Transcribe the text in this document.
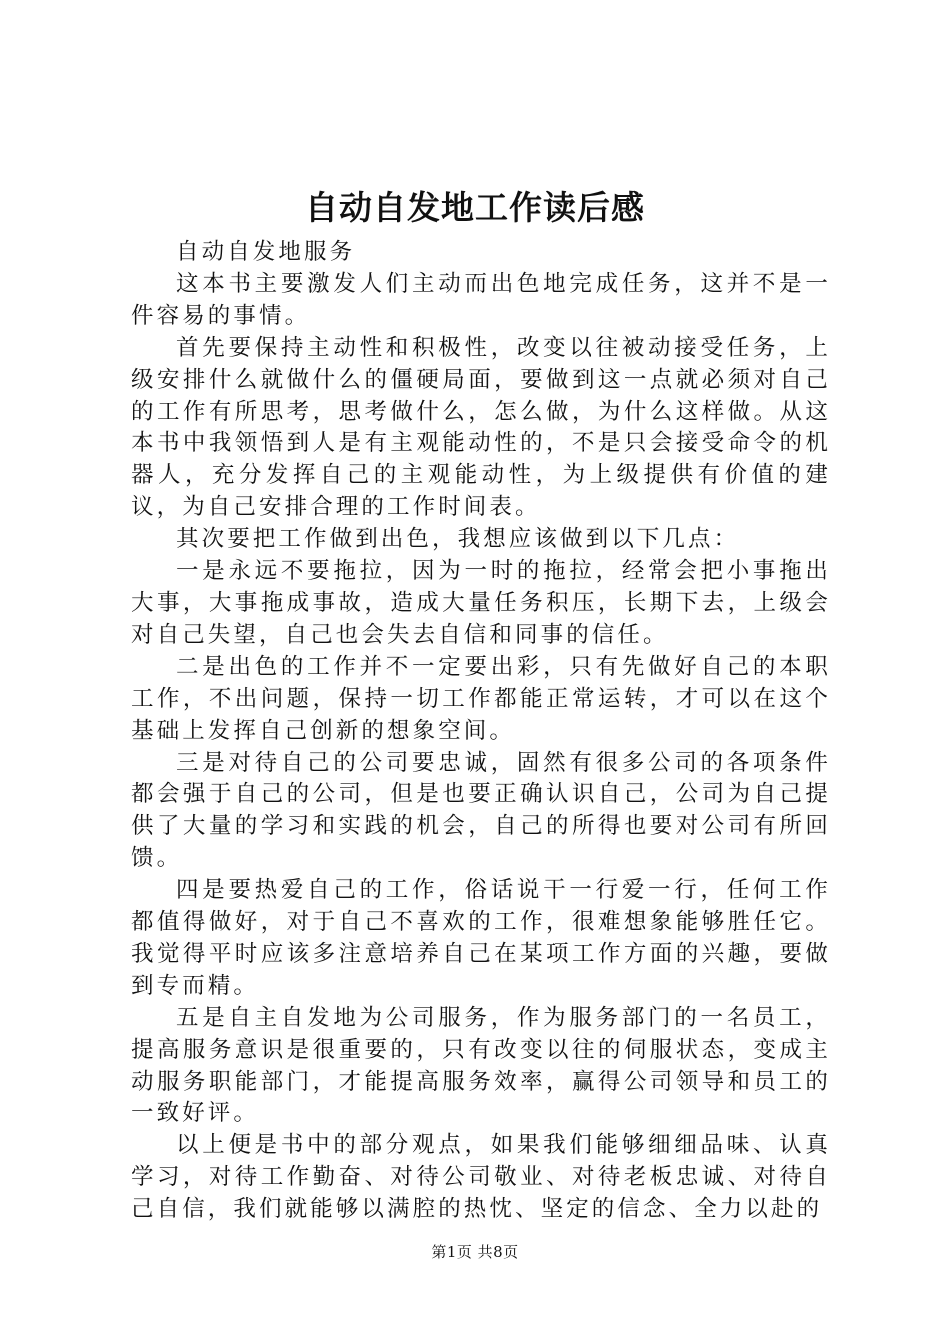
自动自发地工作读后感

自动自发地服务

这本书主要激发人们主动而出色地完成任务，这并不是一件容易的事情。

首先要保持主动性和积极性，改变以往被动接受任务，上级安排什么就做什么的僵硬局面，要做到这一点就必须对自己的工作有所思考，思考做什么，怎么做，为什么这样做。从这本书中我领悟到人是有主观能动性的，不是只会接受命令的机器人，充分发挥自己的主观能动性，为上级提供有价值的建议，为自己安排合理的工作时间表。

其次要把工作做到出色，我想应该做到以下几点：

一是永远不要拖拉，因为一时的拖拉，经常会把小事拖出大事，大事拖成事故，造成大量任务积压，长期下去，上级会对自己失望，自己也会失去自信和同事的信任。

二是出色的工作并不一定要出彩，只有先做好自己的本职工作，不出问题，保持一切工作都能正常运转，才可以在这个基础上发挥自己创新的想象空间。

三是对待自己的公司要忠诚，固然有很多公司的各项条件都会强于自己的公司，但是也要正确认识自己，公司为自己提供了大量的学习和实践的机会，自己的所得也要对公司有所回馈。

四是要热爱自己的工作，俗话说干一行爱一行，任何工作都值得做好，对于自己不喜欢的工作，很难想象能够胜任它。我觉得平时应该多注意培养自己在某项工作方面的兴趣，要做到专而精。

五是自主自发地为公司服务，作为服务部门的一名员工，提高服务意识是很重要的，只有改变以往的伺服状态，变成主动服务职能部门，才能提高服务效率，赢得公司领导和员工的一致好评。

以上便是书中的部分观点，如果我们能够细细品味、认真学习，对待工作勤奋、对待公司敬业、对待老板忠诚、对待自己自信，我们就能够以满腔的热忱、坚定的信念、全力以赴的

第1页 共8页
